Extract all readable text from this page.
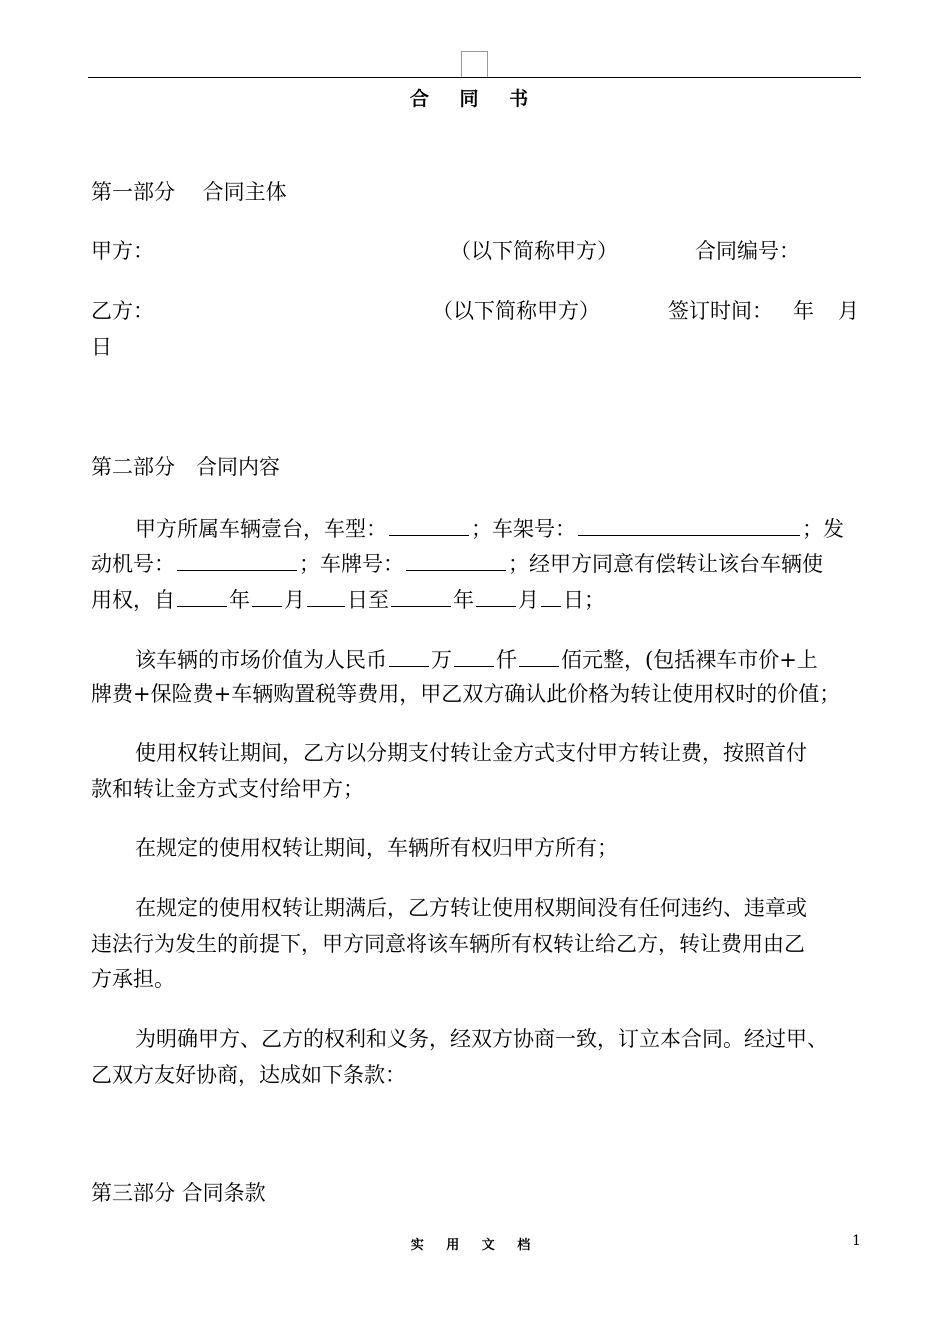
合 同 书
第一部分　 合同主体
甲方：	（以下简称甲方）	合同编号：
乙方：	（以下简称甲方）	签订时间： 年 月
日
第二部分　合同内容
甲方所属车辆壹台，车型：	；车架号：	；发
动机号：	；车牌号：	；经甲方同意有偿转让该台车辆使
用权，自	年 月 日至	年 月 日；
该车辆的市场价值为人民币 万 仟 佰元整，(包括裸车市价+上
牌费+保险费+车辆购置税等费用，甲乙双方确认此价格为转让使用权时的价值；
使用权转让期间，乙方以分期支付转让金方式支付甲方转让费，按照首付
款和转让金方式支付给甲方；
在规定的使用权转让期间，车辆所有权归甲方所有；
在规定的使用权转让期满后，乙方转让使用权期间没有任何违约、违章或
违法行为发生的前提下，甲方同意将该车辆所有权转让给乙方，转让费用由乙
方承担。
为明确甲方、乙方的权利和义务，经双方协商一致，订立本合同。经过甲、
乙双方友好协商，达成如下条款：
第三部分 合同条款
实 用 文 档	1
